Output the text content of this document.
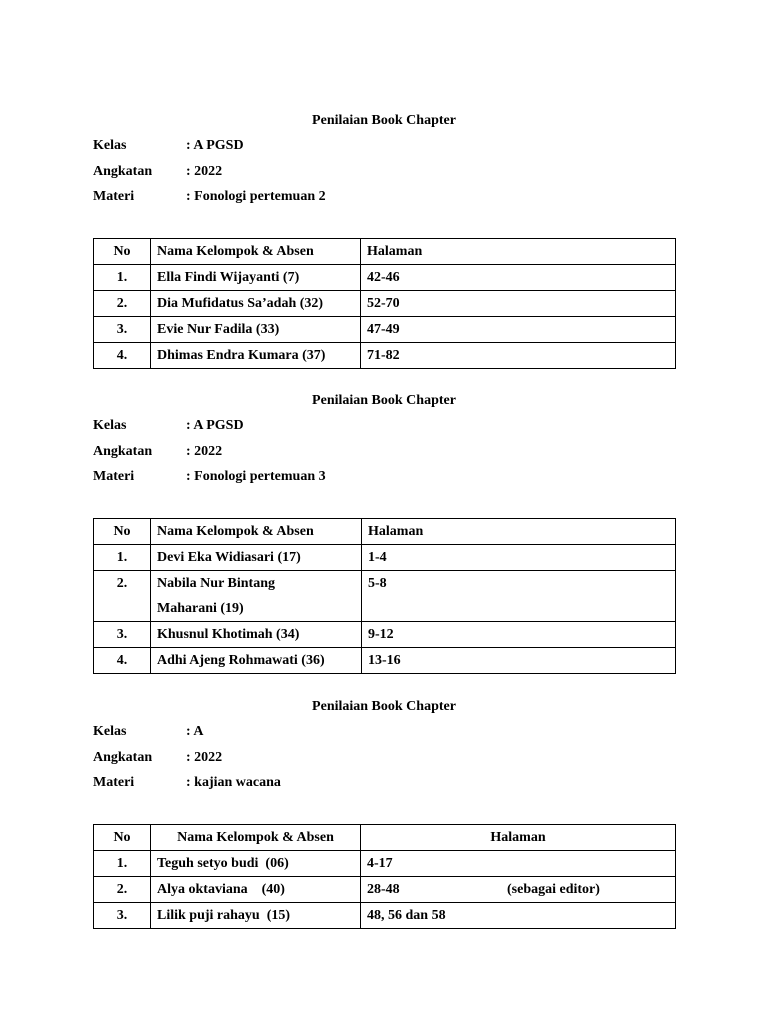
Penilaian Book Chapter
Kelas	: A PGSD
Angkatan : 2022
Materi	: Fonologi pertemuan 2
No	Nama Kelompok & Absen	Halaman
1.	Ella Findi Wijayanti (7)	42-46
2.	Dia Mufidatus Sa’adah (32)	52-70
3.	Evie Nur Fadila (33)	47-49
4.	Dhimas Endra Kumara (37)	71-82
Penilaian Book Chapter
Kelas	: A PGSD
Angkatan : 2022
Materi	: Fonologi pertemuan 3
No	Nama Kelompok & Absen	Halaman
1.	Devi Eka Widiasari (17)	1-4
2.	Nabila Nur Bintang Maharani (19)	5-8
3.	Khusnul Khotimah (34)	9-12
4.	Adhi Ajeng Rohmawati (36)	13-16
Penilaian Book Chapter
Kelas	: A
Angkatan : 2022
Materi	: kajian wacana
No	Nama Kelompok & Absen	Halaman
1.	Teguh setyo budi  (06)	4-17
2.	Alya oktaviana    (40)	28-48 (sebagai editor)

3.	Lilik puji rahayu  (15)	48, 56 dan 58
